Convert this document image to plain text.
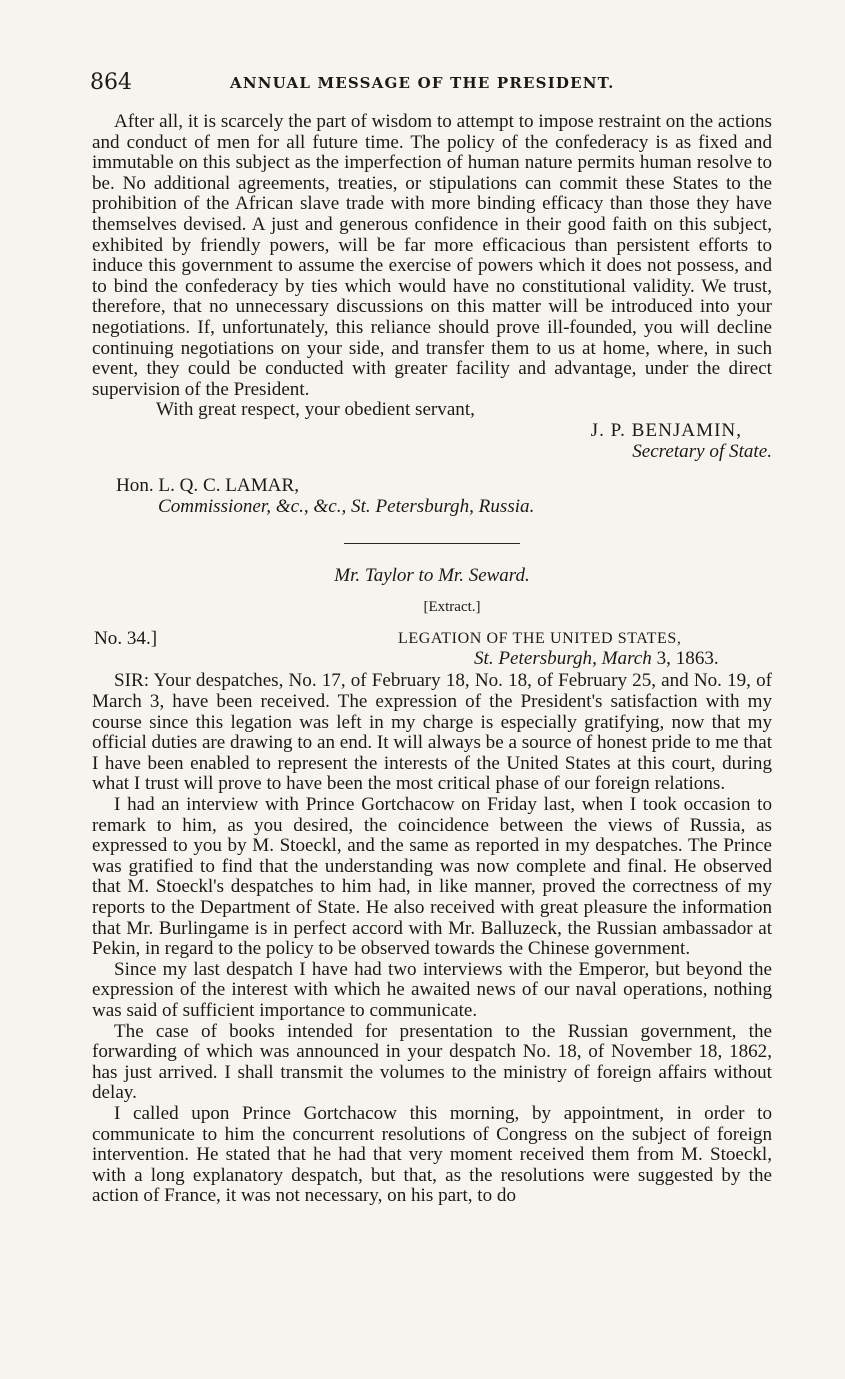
864	ANNUAL MESSAGE OF THE PRESIDENT.

After all, it is scarcely the part of wisdom to attempt to impose restraint on the actions and conduct of men for all future time. The policy of the confederacy is as fixed and immutable on this subject as the imperfection of human nature permits human resolve to be. No additional agreements, treaties, or stipulations can commit these States to the prohibition of the African slave trade with more binding efficacy than those they have themselves devised. A just and generous confidence in their good faith on this subject, exhibited by friendly powers, will be far more efficacious than persistent efforts to induce this government to assume the exercise of powers which it does not possess, and to bind the confederacy by ties which would have no constitutional validity. We trust, therefore, that no unnecessary discussions on this matter will be introduced into your negotiations. If, unfortunately, this reliance should prove ill-founded, you will decline continuing negotiations on your side, and transfer them to us at home, where, in such event, they could be conducted with greater facility and advantage, under the direct supervision of the President.

With great respect, your obedient servant,

J. P. BENJAMIN,
Secretary of State.
Hon. L. Q. C. LAMAR,
Commissioner, &c., &c., St. Petersburgh, Russia.
Mr. Taylor to Mr. Seward.
[Extract.]
No. 34.]	LEGATION OF THE UNITED STATES,
St. Petersburgh, March 3, 1863.

SIR: Your despatches, No. 17, of February 18, No. 18, of February 25, and No. 19, of March 3, have been received. The expression of the President's satisfaction with my course since this legation was left in my charge is especially gratifying, now that my official duties are drawing to an end. It will always be a source of honest pride to me that I have been enabled to represent the interests of the United States at this court, during what I trust will prove to have been the most critical phase of our foreign relations.

I had an interview with Prince Gortchacow on Friday last, when I took occasion to remark to him, as you desired, the coincidence between the views of Russia, as expressed to you by M. Stoeckl, and the same as reported in my despatches. The Prince was gratified to find that the understanding was now complete and final. He observed that M. Stoeckl's despatches to him had, in like manner, proved the correctness of my reports to the Department of State. He also received with great pleasure the information that Mr. Burlingame is in perfect accord with Mr. Balluzeck, the Russian ambassador at Pekin, in regard to the policy to be observed towards the Chinese government.

Since my last despatch I have had two interviews with the Emperor, but beyond the expression of the interest with which he awaited news of our naval operations, nothing was said of sufficient importance to communicate.

The case of books intended for presentation to the Russian government, the forwarding of which was announced in your despatch No. 18, of November 18, 1862, has just arrived. I shall transmit the volumes to the ministry of foreign affairs without delay.

I called upon Prince Gortchacow this morning, by appointment, in order to communicate to him the concurrent resolutions of Congress on the subject of foreign intervention. He stated that he had that very moment received them from M. Stoeckl, with a long explanatory despatch, but that, as the resolutions were suggested by the action of France, it was not necessary, on his part, to do
